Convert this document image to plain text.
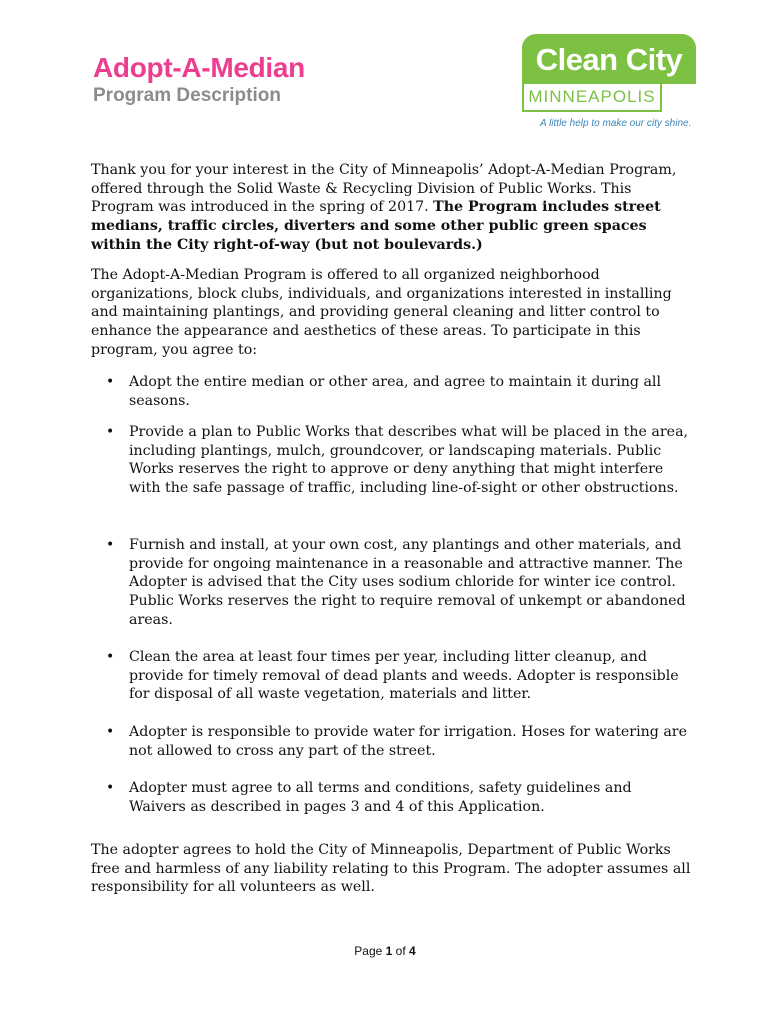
Adopt-A-Median
Program Description
Clean City
MINNEAPOLIS
A little help to make our city shine.
Thank you for your interest in the City of Minneapolis’ Adopt-A-Median Program, offered through the Solid Waste & Recycling Division of Public Works. This Program was introduced in the spring of 2017. The Program includes street medians, traffic circles, diverters and some other public green spaces within the City right-of-way (but not boulevards.)
The Adopt-A-Median Program is offered to all organized neighborhood organizations, block clubs, individuals, and organizations interested in installing and maintaining plantings, and providing general cleaning and litter control to enhance the appearance and aesthetics of these areas. To participate in this program, you agree to:
• Adopt the entire median or other area, and agree to maintain it during all seasons.
• Provide a plan to Public Works that describes what will be placed in the area, including plantings, mulch, groundcover, or landscaping materials. Public Works reserves the right to approve or deny anything that might interfere with the safe passage of traffic, including line-of-sight or other obstructions.
• Furnish and install, at your own cost, any plantings and other materials, and provide for ongoing maintenance in a reasonable and attractive manner. The Adopter is advised that the City uses sodium chloride for winter ice control. Public Works reserves the right to require removal of unkempt or abandoned areas.
• Clean the area at least four times per year, including litter cleanup, and provide for timely removal of dead plants and weeds. Adopter is responsible for disposal of all waste vegetation, materials and litter.
• Adopter is responsible to provide water for irrigation. Hoses for watering are not allowed to cross any part of the street.
• Adopter must agree to all terms and conditions, safety guidelines and Waivers as described in pages 3 and 4 of this Application.
The adopter agrees to hold the City of Minneapolis, Department of Public Works free and harmless of any liability relating to this Program. The adopter assumes all responsibility for all volunteers as well.
Page 1 of 4
